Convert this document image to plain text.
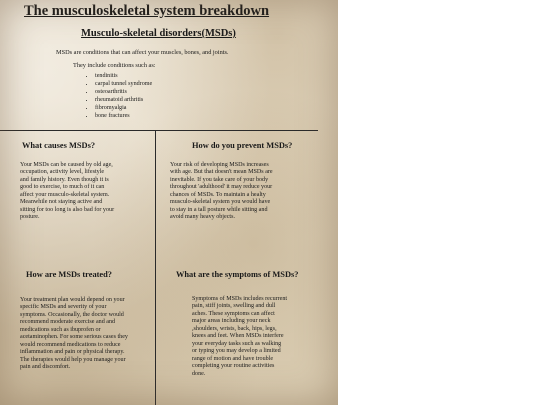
The musculoskeletal system breakdown
Musculo-skeletal disorders(MSDs)
MSDs are conditions that can affect your muscles, bones, and joints.
They include conditions such as:
• tendinitis
• carpal tunnel syndrome
• osteoarthritis
• rheumatoid arthritis
• fibromyalgia
• bone fractures
What causes MSDs?
Your MSDs can be caused by old age,
occupation, activity level, lifestyle
and family history. Even though it is
good to exercise, to much of it can
affect your musculo-skeletal system.
Meanwhile not staying active and
sitting for too long is also bad for your
posture.
How do you prevent MSDs?
Your risk of developing MSDs increases
with age. But that doesn't mean MSDs are
inevitable. If you take care of your body
throughout 'adulthood' it may reduce your
chances of MSDs. To maintain a healty
musculo-skeletal system you would have
to stay in a tall posture while sitting and
avoid many heavy objects.
How are MSDs treated?
Your treatment plan would depend on your
specific MSDs and severity of your
symptoms. Occasionally, the doctor would
recommend moderate exercise and and
medications such as ibuprofen or
acetaminophen. For some serious cases they
would recommend medications to reduce
inflammation and pain or physical therapy.
The therapies would help you manage your
pain and discomfort.
What are the symptoms of MSDs?
Symptoms of MSDs includes recurrent
pain, stiff joints, swelling and dull
aches. These symptoms can affect
major areas including your neck
,shoulders, wrists, back, hips, legs,
knees and feet. When MSDs interfere
your everyday tasks such as walking
or typing you may develop a limited
range of motion and have trouble
completing your routine activities
done.
